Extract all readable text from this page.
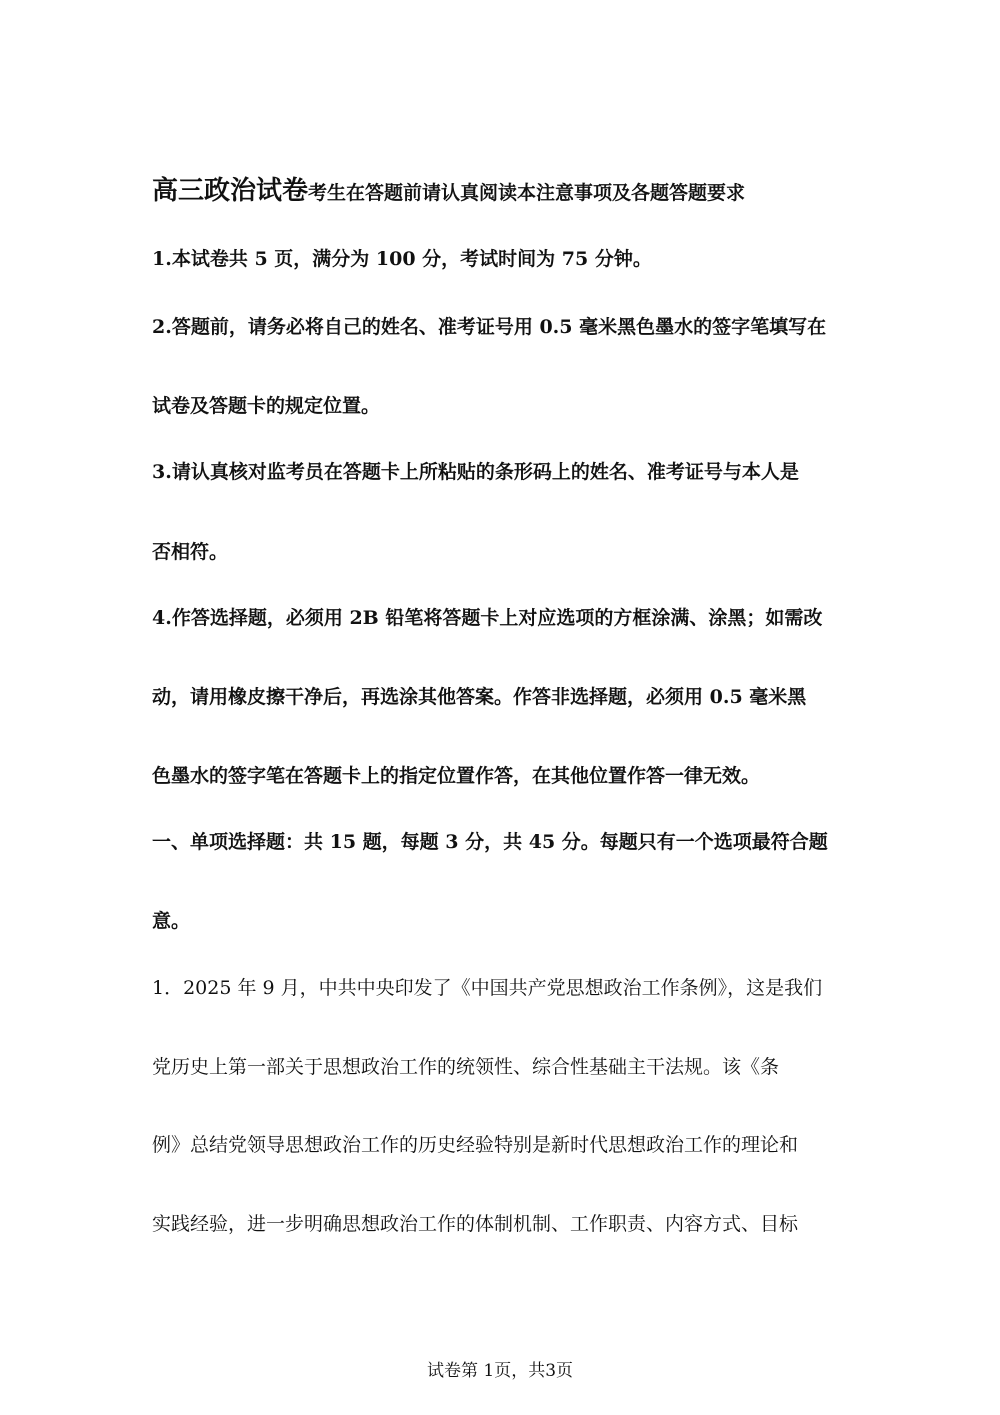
高三政治试卷考生在答题前请认真阅读本注意事项及各题答题要求
1.本试卷共 5 页，满分为 100 分，考试时间为 75 分钟。
2.答题前，请务必将自己的姓名、准考证号用 0.5 毫米黑色墨水的签字笔填写在
试卷及答题卡的规定位置。
3.请认真核对监考员在答题卡上所粘贴的条形码上的姓名、准考证号与本人是
否相符。
4.作答选择题，必须用 2B 铅笔将答题卡上对应选项的方框涂满、涂黑；如需改
动，请用橡皮擦干净后，再选涂其他答案。作答非选择题，必须用 0.5 毫米黑
色墨水的签字笔在答题卡上的指定位置作答，在其他位置作答一律无效。
一、单项选择题：共 15 题，每题 3 分，共 45 分。每题只有一个选项最符合题
意。
1．2025 年 9 月，中共中央印发了《中国共产党思想政治工作条例》，这是我们
党历史上第一部关于思想政治工作的统领性、综合性基础主干法规。该《条
例》总结党领导思想政治工作的历史经验特别是新时代思想政治工作的理论和
实践经验，进一步明确思想政治工作的体制机制、工作职责、内容方式、目标
试卷第 1页，共3页
